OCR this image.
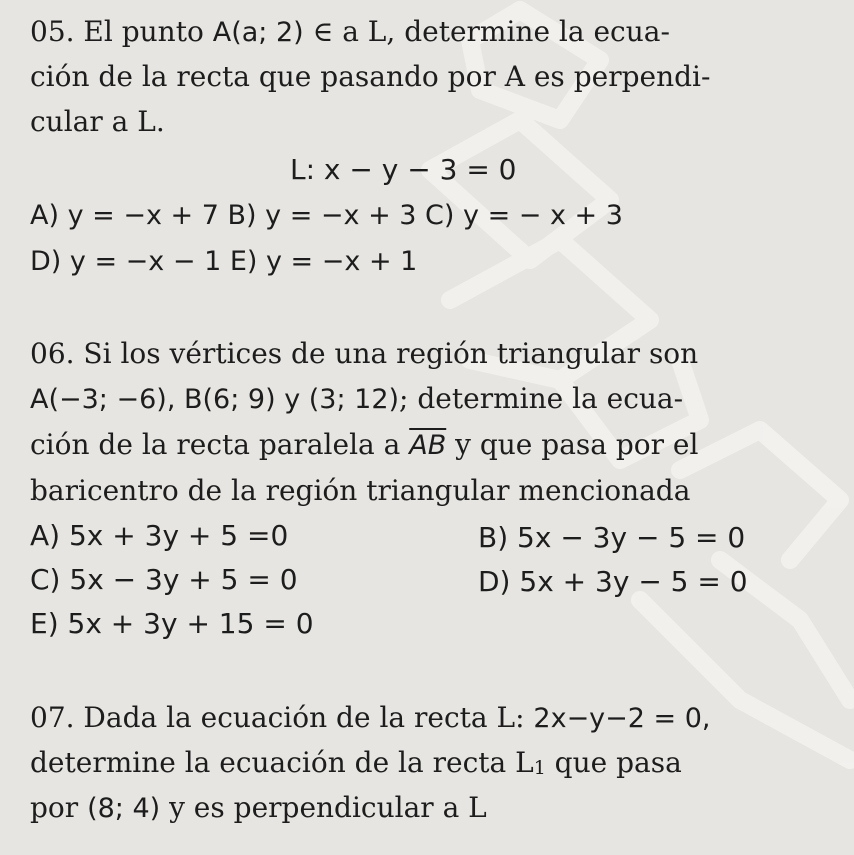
05. El punto A(a; 2) ∈ a L, determine la ecua-
ción de la recta que pasando por A es perpendi-
cular a L.
L: x − y − 3 = 0
A) y = −x + 7 B) y = −x + 3 C) y = − x + 3
D) y = −x − 1 E) y = −x + 1
06. Si los vértices de una región triangular son
A(−3; −6), B(6; 9) y (3; 12); determine la ecua-
ción de la recta paralela a $\overline{AB}$ y que pasa por el
baricentro de la región triangular mencionada
A) 5x + 3y + 5 =0	B) 5x − 3y − 5 = 0
C) 5x − 3y + 5 = 0	D) 5x + 3y − 5 = 0
E) 5x + 3y + 15 = 0
07. Dada la ecuación de la recta L: 2x−y−2 = 0,
determine la ecuación de la recta L1 que pasa
por (8; 4) y es perpendicular a L
